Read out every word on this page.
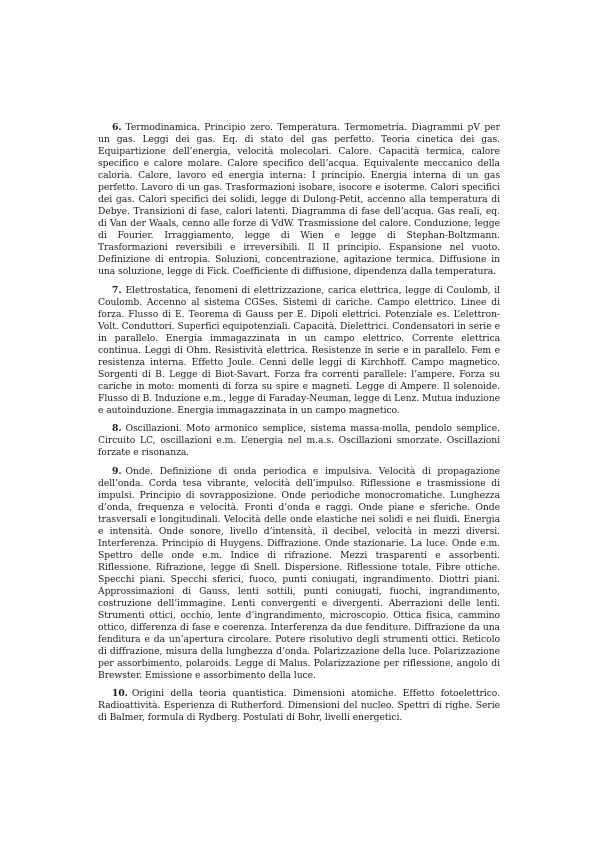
6. Termodinamica. Principio zero. Temperatura. Termometria. Diagrammi pV per un gas. Leggi dei gas. Eq. di stato del gas perfetto. Teoria cinetica dei gas. Equipartizione dell’energia, velocità molecolari. Calore. Capacità termica, calore specifico e calore molare. Calore specifico dell’acqua. Equivalente meccanico della caloria. Calore, lavoro ed energia interna: I principio. Energia interna di un gas perfetto. Lavoro di un gas. Trasformazioni isobare, isocore e isoterme. Calori specifici dei gas. Calori specifici dei solidi, legge di Dulong-Petit, accenno alla temperatura di Debye. Transizioni di fase, calori latenti. Diagramma di fase dell’acqua. Gas reali, eq. di Van der Waals, cenno alle forze di VdW. Trasmissione del calore. Conduzione, legge di Fourier. Irraggiamento, legge di Wien e legge di Stephan-Boltzmann. Trasformazioni reversibili e irreversibili. Il II principio. Espansione nel vuoto. Definizione di entropia. Soluzioni, concentrazione, agitazione termica. Diffusione in una soluzione, legge di Fick. Coefficiente di diffusione, dipendenza dalla temperatura.

7. Elettrostatica, fenomeni di elettrizzazione, carica elettrica, legge di Coulomb, il Coulomb. Accenno al sistema CGSes. Sistemi di cariche. Campo elettrico. Linee di forza. Flusso di E. Teorema di Gauss per E. Dipoli elettrici. Potenziale es. L’elettron-Volt. Conduttori. Superfici equipotenziali. Capacità. Dielettrici. Condensatori in serie e in parallelo. Energia immagazzinata in un campo elettrico. Corrente elettrica continua. Leggi di Ohm. Resistività elettrica. Resistenze in serie e in parallelo. Fem e resistenza interna. Effetto Joule. Cenni delle leggi di Kirchhoff. Campo magnetico. Sorgenti di B. Legge di Biot-Savart. Forza fra correnti parallele: l’ampere. Forza su cariche in moto: momenti di forza su spire e magneti. Legge di Ampere. Il solenoide. Flusso di B. Induzione e.m., legge di Faraday-Neuman, legge di Lenz. Mutua induzione e autoinduzione. Energia immagazzinata in un campo magnetico.

8. Oscillazioni. Moto armonico semplice, sistema massa-molla, pendolo semplice. Circuito LC, oscillazioni e.m. L’energia nel m.a.s. Oscillazioni smorzate. Oscillazioni forzate e risonanza.

9. Onde. Definizione di onda periodica e impulsiva. Velocità di propagazione dell’onda. Corda tesa vibrante, velocità dell’impulso. Riflessione e trasmissione di impulsi. Principio di sovrapposizione. Onde periodiche monocromatiche. Lunghezza d’onda, frequenza e velocità. Fronti d’onda e raggi. Onde piane e sferiche. Onde trasversali e longitudinali. Velocità delle onde elastiche nei solidi e nei fluidi. Energia e intensità. Onde sonore, livello d’intensità, il decibel, velocità in mezzi diversi. Interferenza. Principio di Huygens. Diffrazione. Onde stazionarie. La luce. Onde e.m. Spettro delle onde e.m. Indice di rifrazione. Mezzi trasparenti e assorbenti. Riflessione. Rifrazione, legge di Snell. Dispersione. Riflessione totale. Fibre ottiche. Specchi piani. Specchi sferici, fuoco, punti coniugati, ingrandimento. Diottri piani. Approssimazioni di Gauss, lenti sottili, punti coniugati, fuochi, ingrandimento, costruzione dell’immagine. Lenti convergenti e divergenti. Aberrazioni delle lenti. Strumenti ottici, occhio, lente d’ingrandimento, microscopio. Ottica fisica, cammino ottico, differenza di fase e coerenza. Interferenza da due fenditure. Diffrazione da una fenditura e da un’apertura circolare. Potere risolutivo degli strumenti ottici. Reticolo di diffrazione, misura della lunghezza d’onda. Polarizzazione della luce. Polarizzazione per assorbimento, polaroids. Legge di Malus. Polarizzazione per riflessione, angolo di Brewster. Emissione e assorbimento della luce.

10. Origini della teoria quantistica. Dimensioni atomiche. Effetto fotoelettrico. Radioattività. Esperienza di Rutherford. Dimensioni del nucleo. Spettri di righe. Serie di Balmer, formula di Rydberg. Postulati di Bohr, livelli energetici.
